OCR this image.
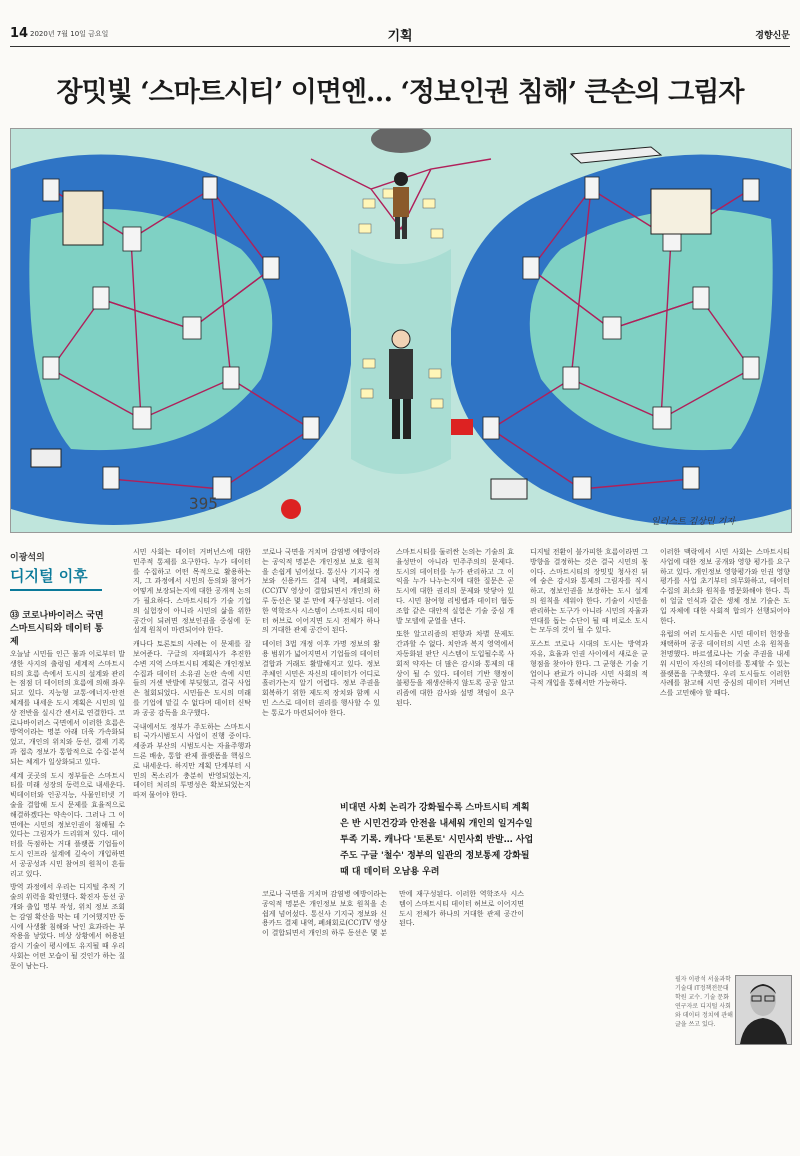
14 2020년 7월 10일 금요일	기획	경향신문
장밋빛 ‘스마트시티’ 이면엔… ‘정보인권 침해’ 큰손의 그림자
395
일러스트 김상민 기자
이광석의
디지털 이후
㉝ 코로나바이러스 국면 스마트시티와 데이터 통제

오늘날 시민들 인근 물과 이로부터 발생한 사지의 출렁임 세계적 스마트시티의 흐름 속에서 도시의 설계와 관리는 점점 더 데이터의 흐름에 의해 좌우되고 있다. 지능형 교통·에너지·안전 체계를 내세운 도시 계획은 시민의 일상 전반을 실시간 센서로 연결한다. 코로나바이러스 국면에서 이러한 흐름은 방역이라는 명분 아래 더욱 가속화되었고, 개인의 위치와 동선, 결제 기록과 접촉 정보가 통합적으로 수집·분석되는 체계가 일상화되고 있다.

세계 곳곳의 도시 정부들은 스마트시티를 미래 성장의 동력으로 내세운다. 빅데이터와 인공지능, 사물인터넷 기술을 결합해 도시 문제를 효율적으로 해결하겠다는 약속이다. 그러나 그 이면에는 시민의 정보인권이 침해될 수 있다는 그림자가 드리워져 있다. 데이터를 독점하는 거대 플랫폼 기업들이 도시 인프라 설계에 깊숙이 개입하면서 공공성과 시민 참여의 원칙이 흔들리고 있다.

방역 과정에서 우리는 디지털 추적 기술의 위력을 확인했다. 확진자 동선 공개와 출입 명부 작성, 위치 정보 조회는 감염 확산을 막는 데 기여했지만 동시에 사생활 침해와 낙인 효과라는 부작용을 낳았다. 비상 상황에서 허용된 감시 기술이 평시에도 유지될 때 우리 사회는 어떤 모습이 될 것인가 하는 질문이 남는다.

시민 사회는 데이터 거버넌스에 대한 민주적 통제를 요구한다. 누가 데이터를 수집하고 어떤 목적으로 활용하는지, 그 과정에서 시민의 동의와 참여가 어떻게 보장되는지에 대한 공개적 논의가 필요하다. 스마트시티가 기술 기업의 실험장이 아니라 시민의 삶을 위한 공간이 되려면 정보인권을 중심에 둔 설계 원칙이 마련되어야 한다.

캐나다 토론토의 사례는 이 문제를 잘 보여준다. 구글의 자매회사가 추진한 수변 지역 스마트시티 계획은 개인정보 수집과 데이터 소유권 논란 속에 시민들의 거센 반발에 부딪혔고, 결국 사업은 철회되었다. 시민들은 도시의 미래를 기업에 맡길 수 없다며 데이터 신탁과 공공 감독을 요구했다.

국내에서도 정부가 주도하는 스마트시티 국가시범도시 사업이 진행 중이다. 세종과 부산의 시범도시는 자율주행과 드론 배송, 통합 관제 플랫폼을 핵심으로 내세운다. 하지만 계획 단계부터 시민의 목소리가 충분히 반영되었는지, 데이터 처리의 투명성은 확보되었는지 따져 물어야 한다.

코로나 국면을 거치며 감염병 예방이라는 공익적 명분은 개인정보 보호 원칙을 손쉽게 넘어섰다. 통신사 기지국 정보와 신용카드 결제 내역, 폐쇄회로(CC)TV 영상이 결합되면서 개인의 하루 동선은 몇 분 만에 재구성된다. 이러한 역학조사 시스템이 스마트시티 데이터 허브로 이어지면 도시 전체가 하나의 거대한 관제 공간이 된다.

데이터 3법 개정 이후 가명 정보의 활용 범위가 넓어지면서 기업들의 데이터 결합과 거래도 활발해지고 있다. 정보 주체인 시민은 자신의 데이터가 어디로 흘러가는지 알기 어렵다. 정보 주권을 회복하기 위한 제도적 장치와 함께 시민 스스로 데이터 권리를 행사할 수 있는 통로가 마련되어야 한다.

스마트시티를 둘러싼 논의는 기술의 효율성만이 아니라 민주주의의 문제다. 도시의 데이터를 누가 관리하고 그 이익을 누가 나누는지에 대한 질문은 곧 도시에 대한 권리의 문제와 맞닿아 있다. 시민 참여형 리빙랩과 데이터 협동조합 같은 대안적 실험은 기술 중심 개발 모델에 균열을 낸다.

또한 알고리즘의 편향과 차별 문제도 간과할 수 없다. 치안과 복지 영역에서 자동화된 판단 시스템이 도입될수록 사회적 약자는 더 많은 감시와 통제의 대상이 될 수 있다. 데이터 기반 행정이 불평등을 재생산하지 않도록 공공 알고리즘에 대한 감사와 설명 책임이 요구된다.

디지털 전환이 불가피한 흐름이라면 그 방향을 결정하는 것은 결국 시민의 몫이다. 스마트시티의 장밋빛 청사진 뒤에 숨은 감시와 통제의 그림자를 직시하고, 정보인권을 보장하는 도시 설계의 원칙을 세워야 한다. 기술이 시민을 관리하는 도구가 아니라 시민의 자율과 연대를 돕는 수단이 될 때 비로소 도시는 모두의 것이 될 수 있다.

포스트 코로나 시대의 도시는 방역과 자유, 효율과 인권 사이에서 새로운 균형점을 찾아야 한다. 그 균형은 기술 기업이나 관료가 아니라 시민 사회의 적극적 개입을 통해서만 가능하다.

이러한 맥락에서 시민 사회는 스마트시티 사업에 대한 정보 공개와 영향 평가를 요구하고 있다. 개인정보 영향평가와 인권 영향평가를 사업 초기부터 의무화하고, 데이터 수집의 최소화 원칙을 명문화해야 한다. 특히 얼굴 인식과 같은 생체 정보 기술은 도입 자체에 대한 사회적 합의가 선행되어야 한다.

유럽의 여러 도시들은 시민 데이터 헌장을 채택하며 공공 데이터의 시민 소유 원칙을 천명했다. 바르셀로나는 기술 주권을 내세워 시민이 자신의 데이터를 통제할 수 있는 플랫폼을 구축했다. 우리 도시들도 이러한 사례를 참고해 시민 중심의 데이터 거버넌스를 고민해야 할 때다.

비대면 사회 논리가 강화될수록 스마트시티 계획은 반 시민건강과 안전을 내세워 개인의 일거수일투족 기록. 캐나다 '토론토' 시민사회 반발… 사업주도 구글 '철수' 정부의 일관의 정보통제 강화될 때 대 데이터 오남용 우려

코로나 국면을 거치며 감염병 예방이라는 공익적 명분은 개인정보 보호 원칙을 손쉽게 넘어섰다. 통신사 기지국 정보와 신용카드 결제 내역, 폐쇄회로(CC)TV 영상이 결합되면서 개인의 하루 동선은 몇 분 만에 재구성된다. 이러한 역학조사 시스템이 스마트시티 데이터 허브로 이어지면 도시 전체가 하나의 거대한 관제 공간이 된다.

필자 이광석 서울과학기술대 IT정책전문대학원 교수. 기술 문화 연구자로 디지털 사회와 데이터 정치에 관해 글을 쓰고 있다.
